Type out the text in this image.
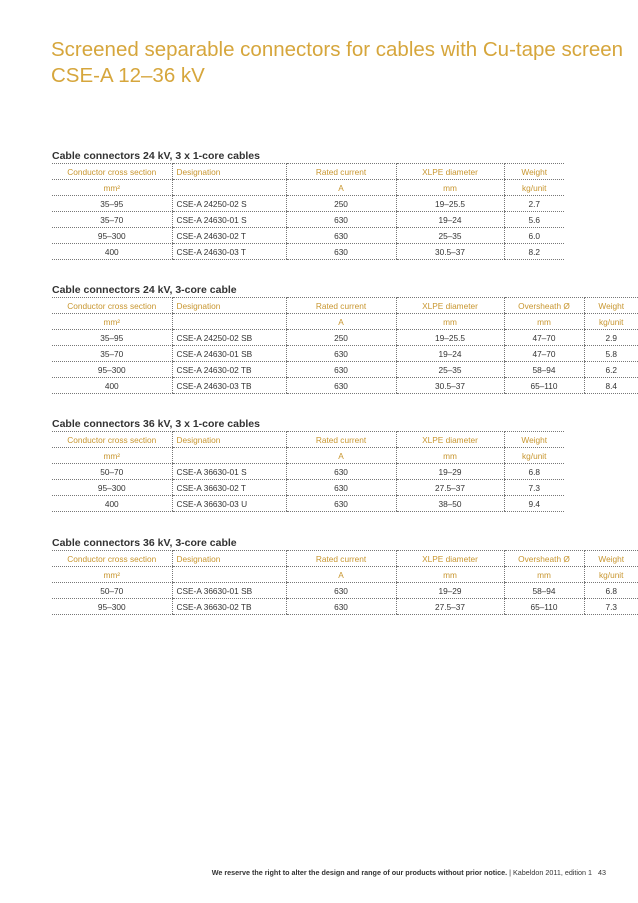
Screened separable connectors for cables with Cu-tape screen
CSE-A 12–36 kV
Cable connectors 24 kV, 3 x 1-core cables
Conductor cross section	Designation	Rated current	XLPE diameter	Weight
mm²		A	mm	kg/unit
35–95	CSE-A 24250-02 S	250	19–25.5	2.7
35–70	CSE-A 24630-01 S	630	19–24	5.6
95–300	CSE-A 24630-02 T	630	25–35	6.0
400	CSE-A 24630-03 T	630	30.5–37	8.2
Cable connectors 24 kV, 3-core cable
Conductor cross section	Designation	Rated current	XLPE diameter	Oversheath Ø	Weight
mm²		A	mm	mm	kg/unit
35–95	CSE-A 24250-02 SB	250	19–25.5	47–70	2.9
35–70	CSE-A 24630-01 SB	630	19–24	47–70	5.8
95–300	CSE-A 24630-02 TB	630	25–35	58–94	6.2
400	CSE-A 24630-03 TB	630	30.5–37	65–110	8.4
Cable connectors 36 kV, 3 x 1-core cables
Conductor cross section	Designation	Rated current	XLPE diameter	Weight
mm²		A	mm	kg/unit
50–70	CSE-A 36630-01 S	630	19–29	6.8
95–300	CSE-A 36630-02 T	630	27.5–37	7.3
400	CSE-A 36630-03 U	630	38–50	9.4
Cable connectors 36 kV, 3-core cable
Conductor cross section	Designation	Rated current	XLPE diameter	Oversheath Ø	Weight
mm²		A	mm	mm	kg/unit
50–70	CSE-A 36630-01 SB	630	19–29	58–94	6.8
95–300	CSE-A 36630-02 TB	630	27.5–37	65–110	7.3
We reserve the right to alter the design and range of our products without prior notice. | Kabeldon 2011, edition 1 43
